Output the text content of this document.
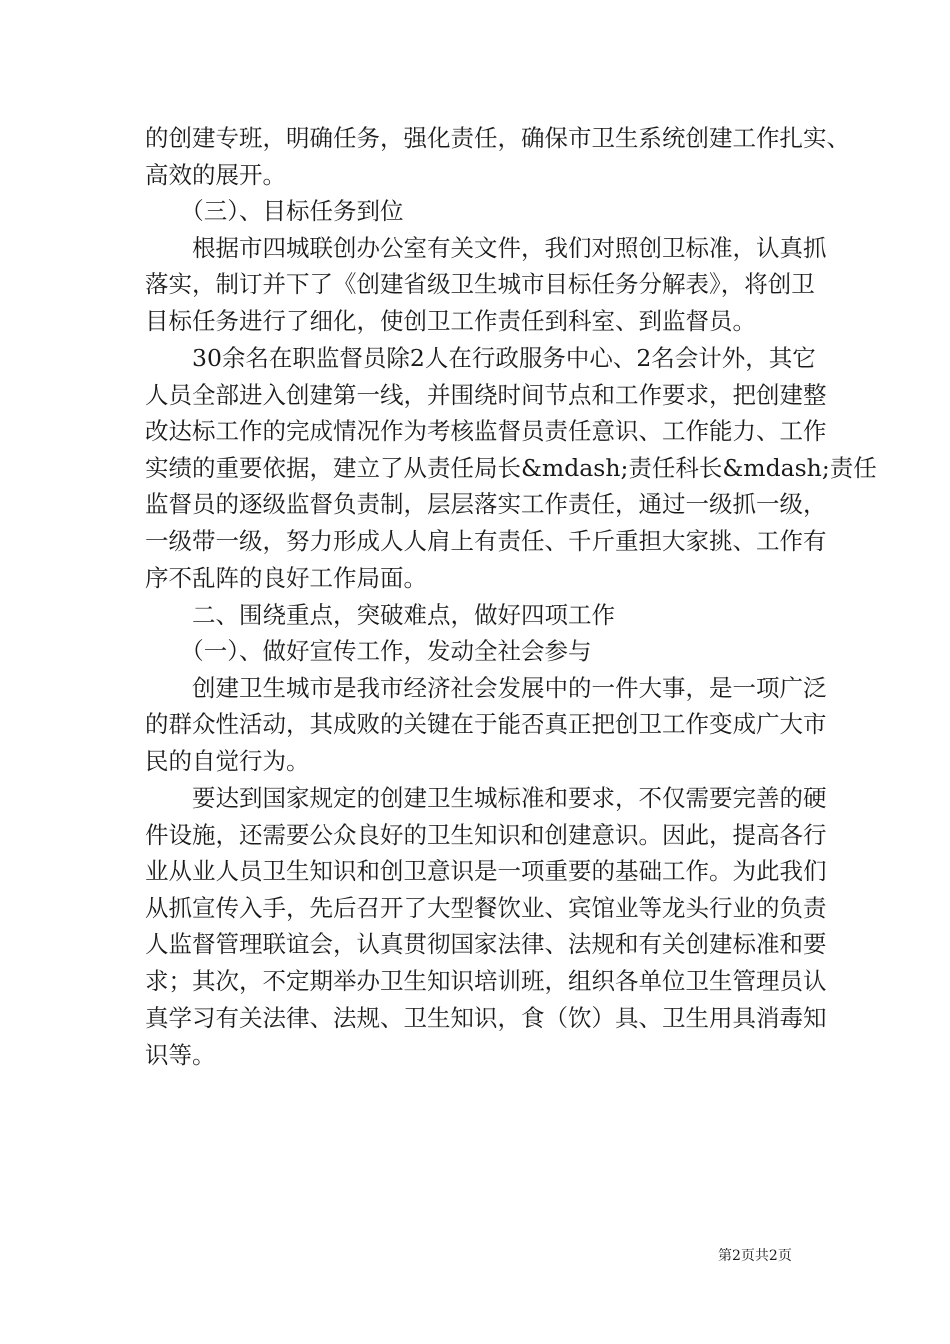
的创建专班，明确任务，强化责任，确保市卫生系统创建工作扎实、

高效的展开。

　　（三）、目标任务到位

　　根据市四城联创办公室有关文件，我们对照创卫标准，认真抓

落实，制订并下了《创建省级卫生城市目标任务分解表》，将创卫

目标任务进行了细化，使创卫工作责任到科室、到监督员。

　　30余名在职监督员除2人在行政服务中心、2名会计外，其它

人员全部进入创建第一线，并围绕时间节点和工作要求，把创建整

改达标工作的完成情况作为考核监督员责任意识、工作能力、工作

实绩的重要依据，建立了从责任局长&mdash;责任科长&mdash;责任

监督员的逐级监督负责制，层层落实工作责任，通过一级抓一级，

一级带一级，努力形成人人肩上有责任、千斤重担大家挑、工作有

序不乱阵的良好工作局面。

　　二、围绕重点，突破难点，做好四项工作

　　（一）、做好宣传工作，发动全社会参与

　　创建卫生城市是我市经济社会发展中的一件大事，是一项广泛

的群众性活动，其成败的关键在于能否真正把创卫工作变成广大市

民的自觉行为。

　　要达到国家规定的创建卫生城标准和要求，不仅需要完善的硬

件设施，还需要公众良好的卫生知识和创建意识。因此，提高各行

业从业人员卫生知识和创卫意识是一项重要的基础工作。为此我们

从抓宣传入手，先后召开了大型餐饮业、宾馆业等龙头行业的负责

人监督管理联谊会，认真贯彻国家法律、法规和有关创建标准和要

求；其次，不定期举办卫生知识培训班，组织各单位卫生管理员认

真学习有关法律、法规、卫生知识，食（饮）具、卫生用具消毒知

识等。

第2页共2页
